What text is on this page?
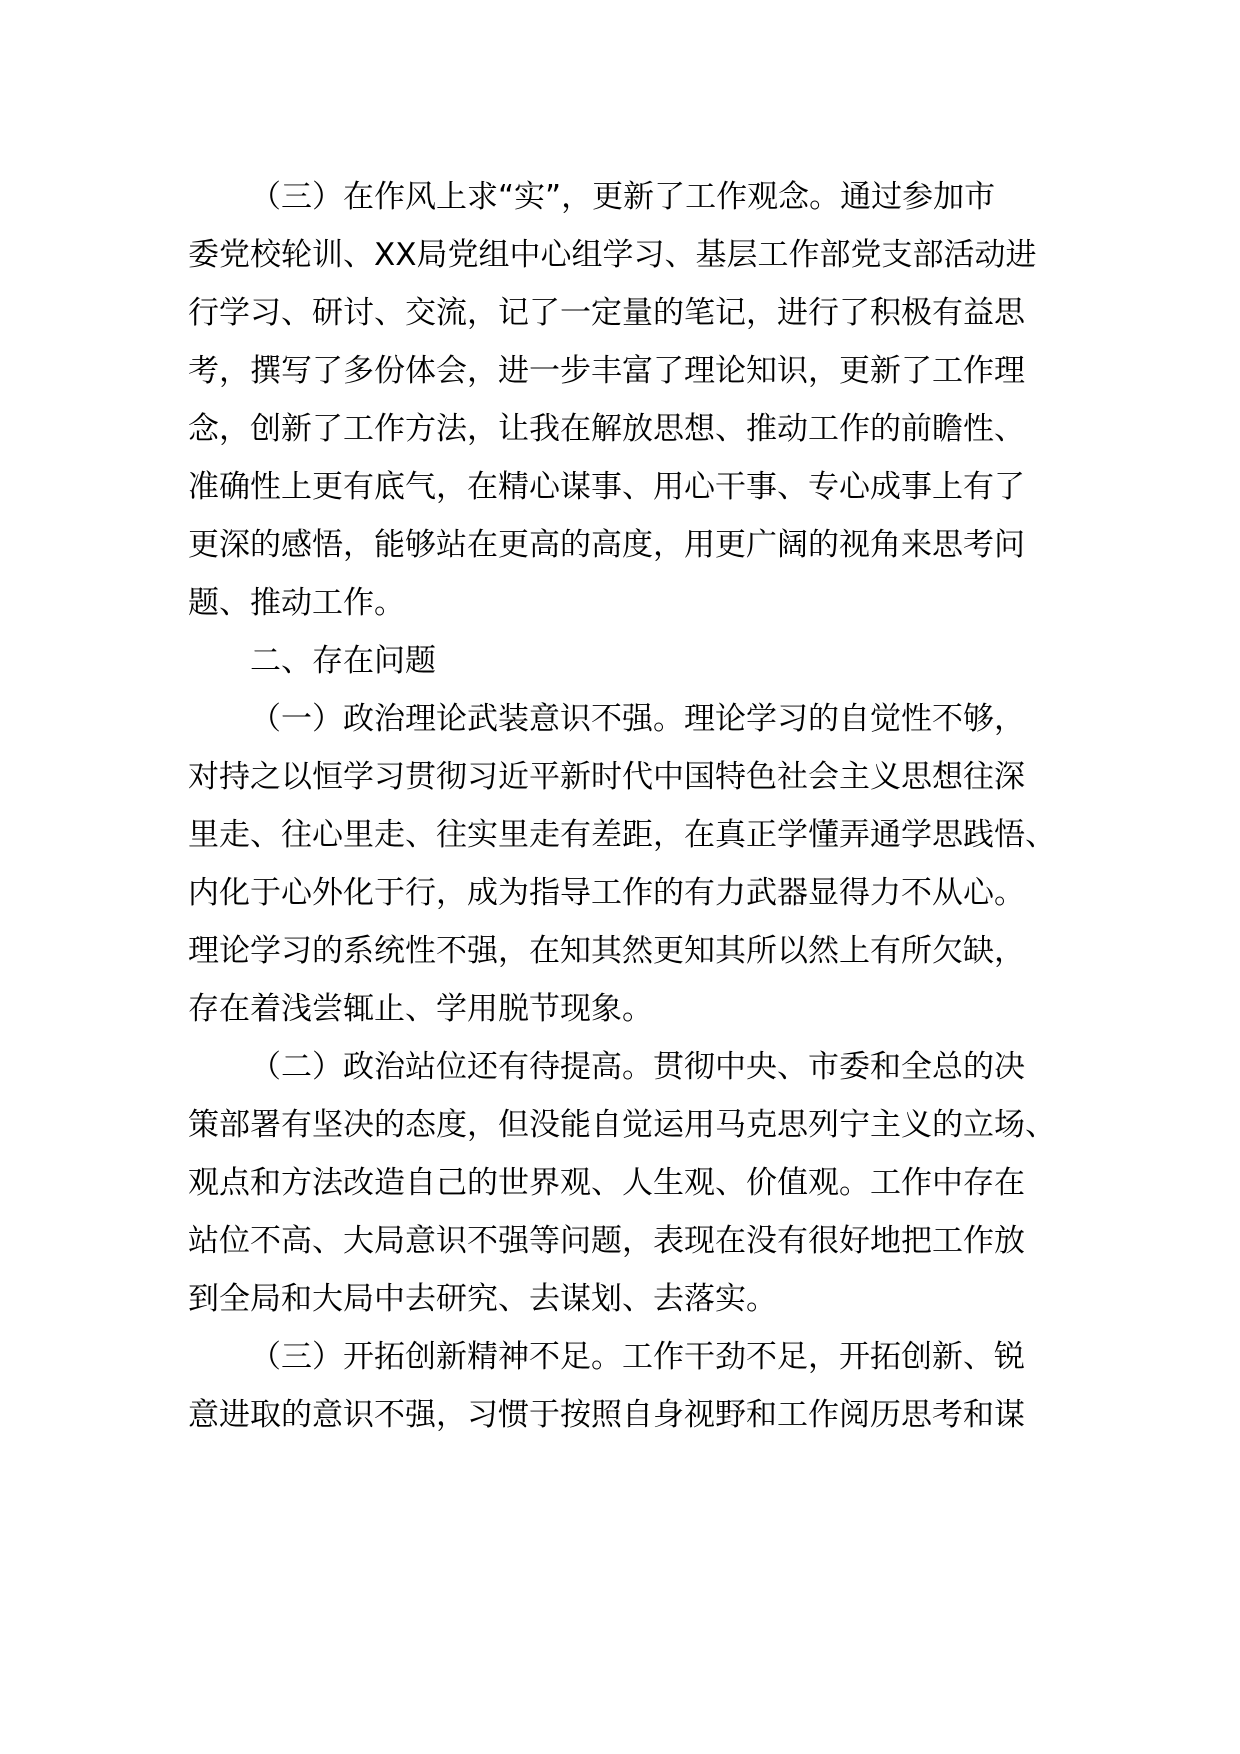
（三）在作风上求“实”，更新了工作观念。通过参加市

委党校轮训、XX局党组中心组学习、基层工作部党支部活动进

行学习、研讨、交流，记了一定量的笔记，进行了积极有益思

考，撰写了多份体会，进一步丰富了理论知识，更新了工作理

念，创新了工作方法，让我在解放思想、推动工作的前瞻性、

准确性上更有底气，在精心谋事、用心干事、专心成事上有了

更深的感悟，能够站在更高的高度，用更广阔的视角来思考问

题、推动工作。

二、存在问题

（一）政治理论武装意识不强。理论学习的自觉性不够，

对持之以恒学习贯彻习近平新时代中国特色社会主义思想往深

里走、往心里走、往实里走有差距，在真正学懂弄通学思践悟、

内化于心外化于行，成为指导工作的有力武器显得力不从心。

理论学习的系统性不强，在知其然更知其所以然上有所欠缺，

存在着浅尝辄止、学用脱节现象。

（二）政治站位还有待提高。贯彻中央、市委和全总的决

策部署有坚决的态度，但没能自觉运用马克思列宁主义的立场、

观点和方法改造自己的世界观、人生观、价值观。工作中存在

站位不高、大局意识不强等问题，表现在没有很好地把工作放

到全局和大局中去研究、去谋划、去落实。

（三）开拓创新精神不足。工作干劲不足，开拓创新、锐

意进取的意识不强，习惯于按照自身视野和工作阅历思考和谋
